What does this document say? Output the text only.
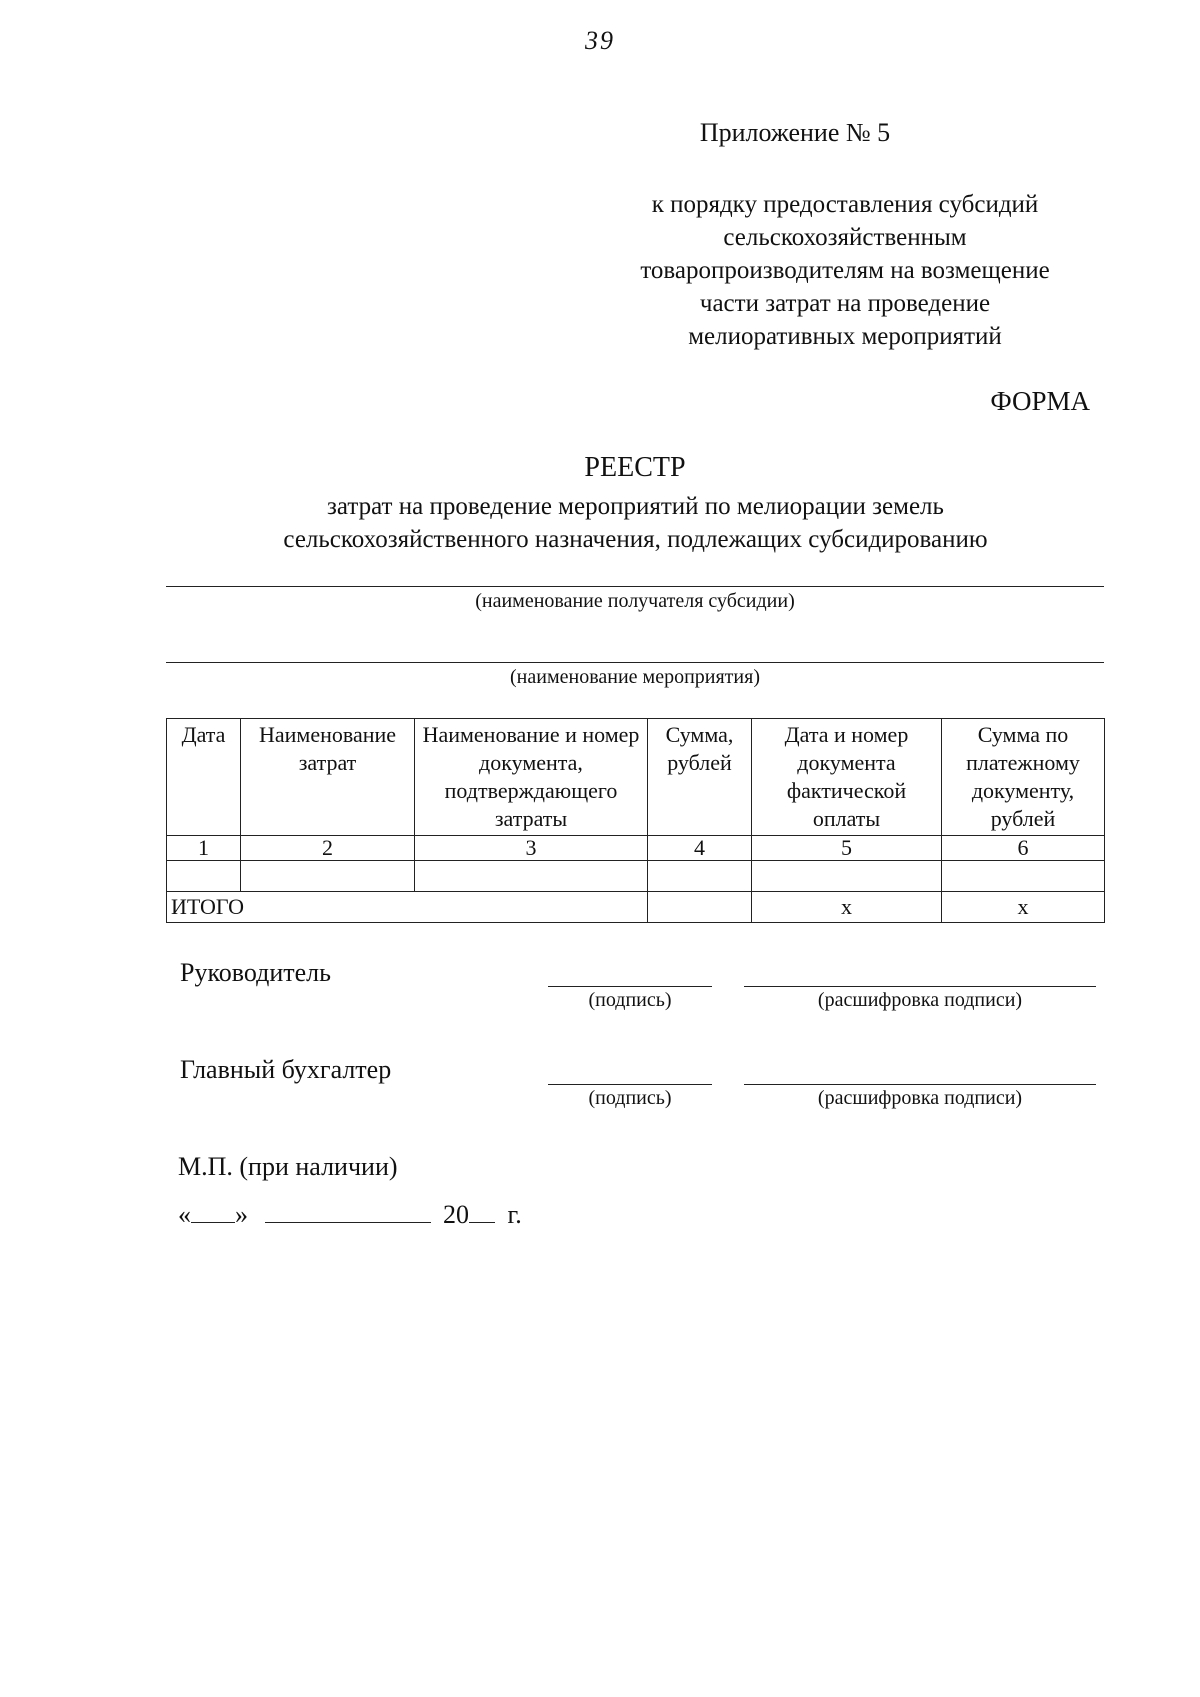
39
Приложение № 5
к порядку предоставления субсидий
сельскохозяйственным
товаропроизводителям на возмещение
части затрат на проведение
мелиоративных мероприятий
ФОРМА
РЕЕСТР
затрат на проведение мероприятий по мелиорации земель
сельскохозяйственного назначения, подлежащих субсидированию
(наименование получателя субсидии)
(наименование мероприятия)
Дата	Наименование затрат	Наименование и номер документа, подтверждающего затраты	Сумма, рублей	Дата и номер документа фактической оплаты	Сумма по платежному документу, рублей
1	2	3	4	5	6

ИТОГО				х	х
Руководитель
(подпись)	(расшифровка подписи)
Главный бухгалтер
(подпись)	(расшифровка подписи)
М.П. (при наличии)
« »	20 г.
